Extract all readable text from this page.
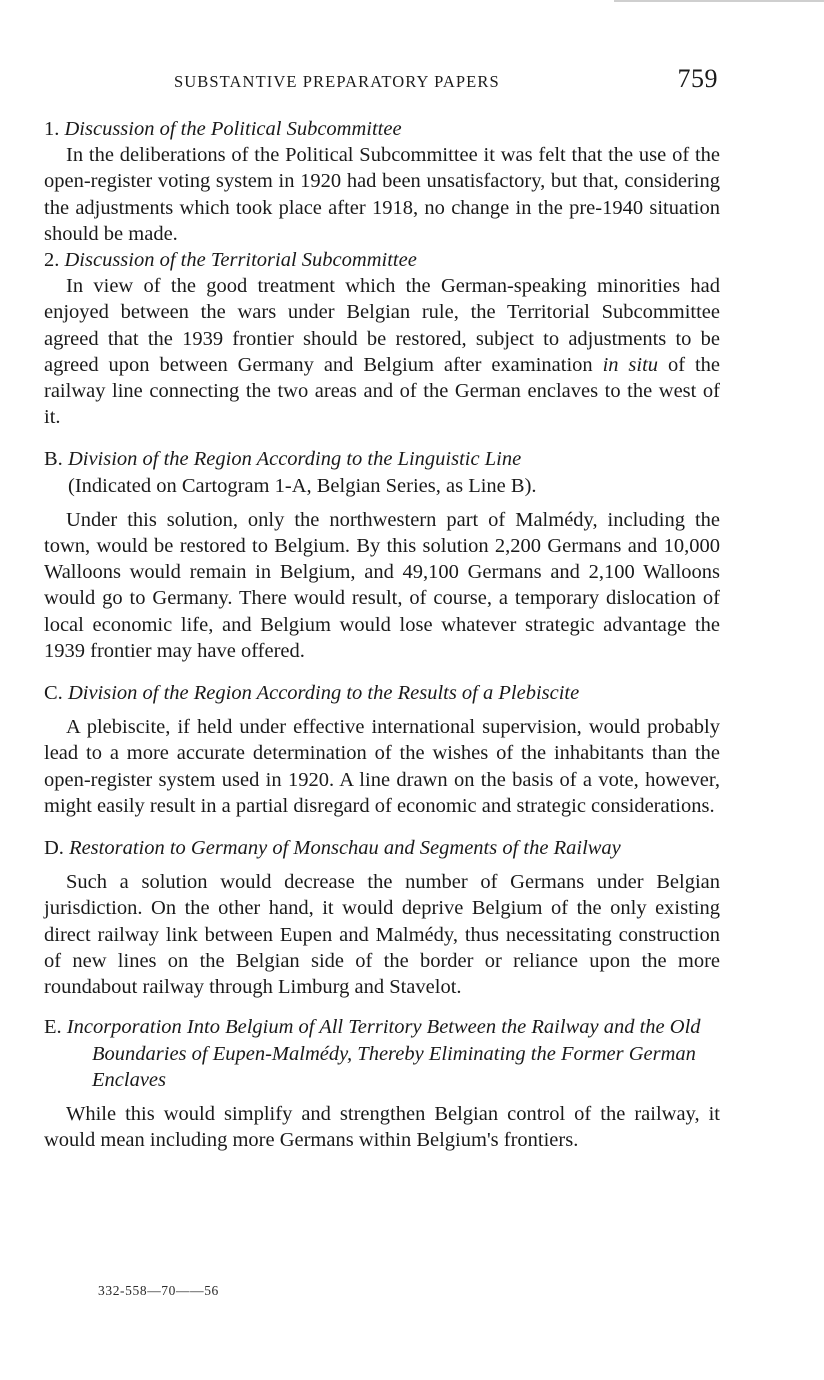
SUBSTANTIVE PREPARATORY PAPERS	759
1. Discussion of the Political Subcommittee

In the deliberations of the Political Subcommittee it was felt that the use of the open-register voting system in 1920 had been unsatisfactory, but that, considering the adjustments which took place after 1918, no change in the pre-1940 situation should be made.

2. Discussion of the Territorial Subcommittee

In view of the good treatment which the German-speaking minorities had enjoyed between the wars under Belgian rule, the Territorial Subcommittee agreed that the 1939 frontier should be restored, subject to adjustments to be agreed upon between Germany and Belgium after examination in situ of the railway line connecting the two areas and of the German enclaves to the west of it.

B. Division of the Region According to the Linguistic Line
(Indicated on Cartogram 1-A, Belgian Series, as Line B).

Under this solution, only the northwestern part of Malmédy, including the town, would be restored to Belgium. By this solution 2,200 Germans and 10,000 Walloons would remain in Belgium, and 49,100 Germans and 2,100 Walloons would go to Germany. There would result, of course, a temporary dislocation of local economic life, and Belgium would lose whatever strategic advantage the 1939 frontier may have offered.

C. Division of the Region According to the Results of a Plebiscite

A plebiscite, if held under effective international supervision, would probably lead to a more accurate determination of the wishes of the inhabitants than the open-register system used in 1920. A line drawn on the basis of a vote, however, might easily result in a partial disregard of economic and strategic considerations.

D. Restoration to Germany of Monschau and Segments of the Railway

Such a solution would decrease the number of Germans under Belgian jurisdiction. On the other hand, it would deprive Belgium of the only existing direct railway link between Eupen and Malmédy, thus necessitating construction of new lines on the Belgian side of the border or reliance upon the more roundabout railway through Limburg and Stavelot.

E. Incorporation Into Belgium of All Territory Between the Railway and the Old Boundaries of Eupen-Malmédy, Thereby Eliminating the Former German Enclaves

While this would simplify and strengthen Belgian control of the railway, it would mean including more Germans within Belgium's frontiers.

332-558—70——56
